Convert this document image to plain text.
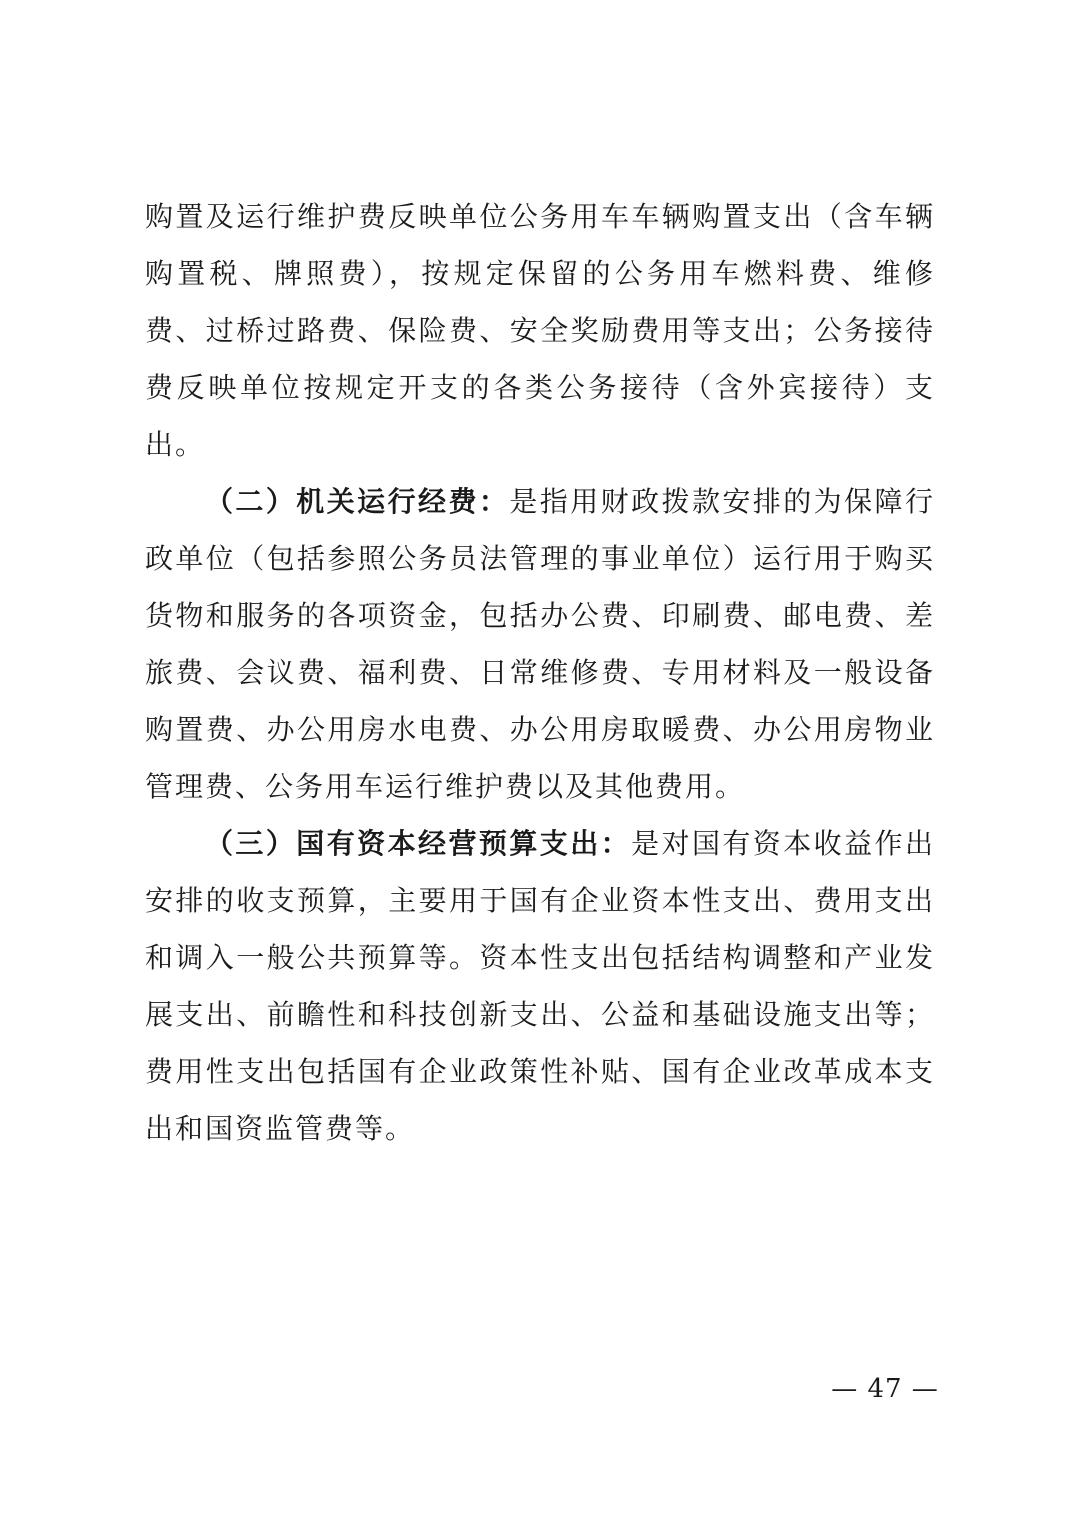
购置及运行维护费反映单位公务用车车辆购置支出（含车辆购置税、牌照费），按规定保留的公务用车燃料费、维修费、过桥过路费、保险费、安全奖励费用等支出；公务接待费反映单位按规定开支的各类公务接待（含外宾接待）支出。

（二）机关运行经费：是指用财政拨款安排的为保障行政单位（包括参照公务员法管理的事业单位）运行用于购买货物和服务的各项资金，包括办公费、印刷费、邮电费、差旅费、会议费、福利费、日常维修费、专用材料及一般设备购置费、办公用房水电费、办公用房取暖费、办公用房物业管理费、公务用车运行维护费以及其他费用。

（三）国有资本经营预算支出：是对国有资本收益作出安排的收支预算，主要用于国有企业资本性支出、费用支出和调入一般公共预算等。资本性支出包括结构调整和产业发展支出、前瞻性和科技创新支出、公益和基础设施支出等；费用性支出包括国有企业政策性补贴、国有企业改革成本支出和国资监管费等。

— 47 —
